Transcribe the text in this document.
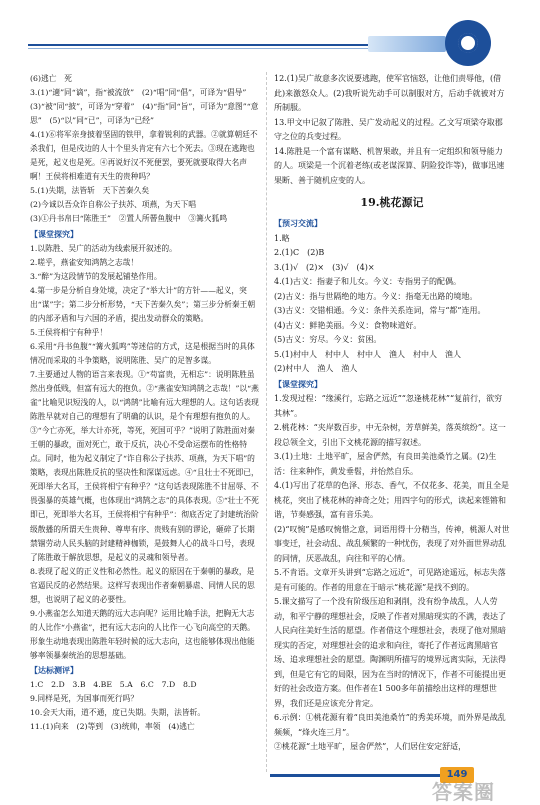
(6)逃亡　死

3.(1)“適”同“谪”，指“被流放”　(2)“唱”同“倡”，可译为“倡导”　(3)“被”同“披”，可译为“穿着”　(4)“指”同“旨”，可译为“意图”“意思”　(5)“以”同“已”，可译为“已经”

4.(1)⑥将军亲身披着坚固的铁甲，拿着锐利的武器。②就算朝廷不杀我们，但是戍边的人十个里头肯定有六七个死去。③现在逃跑也是死，起义也是死。④再说好汉不死便罢，要死就要取得大名声啊！王侯将相难道有天生的贵种吗？

5.(1)失期，法皆斩　天下苦秦久矣

(2)今诚以吾众诈自称公子扶苏、项燕，为天下唱

(3)①丹书帛曰“陈胜王”　②置人所罾鱼腹中　③篝火狐鸣

【 课堂探究 】

1.以陈胜、吴广的活动为线索展开叙述的。

2.嗟乎，燕雀安知鸿鹄之志哉！

3.“醉”为这段情节的发展起铺垫作用。

4.第一步是分析自身处境，决定了“举大计”的方针——起义，突出“谋”字；第二步分析形势，“天下苦秦久矣”；第三步分析秦王朝的内部矛盾和与六国的矛盾，提出发动群众的策略。

5.王侯将相宁有种乎！

6.采用“丹书鱼腹”“篝火狐鸣”等迷信的方式，这是根据当时的具体情况而采取的斗争策略，说明陈胜、吴广的足智多谋。

7.主要通过人物的语言来表现。①“苟富贵，无相忘”：说明陈胜虽然出身低贱，但富有远大的抱负。②“燕雀安知鸿鹄之志哉！”以“燕雀”比喻见识短浅的人，以“鸿鹄”比喻有远大理想的人。这句话表现陈胜早就对自己的理想有了明确的认识，是个有理想有抱负的人。③“今亡亦死，举大计亦死，等死，死国可乎？”说明了陈胜面对秦王朝的暴政，面对死亡，敢于反抗，决心不受命运摆布的性格特点。同时，他为起义制定了“诈自称公子扶苏、项燕，为天下唱”的策略，表现出陈胜反抗的坚决性和深谋远虑。④“且壮士不死即已，死即举大名耳，王侯将相宁有种乎？”这句话表现陈胜不甘屈辱、不畏强暴的英雄气概，也体现出“鸿鹄之志”的具体表现。⑤“壮士不死即已，死即举大名耳，王侯将相宁有种乎”：彻底否定了封建统治阶级散播的所谓天生贵种、尊卑有序、贵贱有别的谬论，砸碎了长期禁锢劳动人民头脑的封建精神枷锁，是鼓舞人心的战斗口号，表现了陈胜敢于解放思想，是起义的灵魂和领导者。

8.表现了起义的正义性和必然性。起义的原因在于秦朝的暴政，是官逼民反的必然结果。这样写表现出作者秦朝暴虐、同情人民的思想，也说明了起义的必要性。

9.小燕雀怎么知道天鹅的远大志向呢？运用比喻手法，把胸无大志的人比作“小燕雀”，把有远大志向的人比作一心飞向高空的天鹅。形象生动地表现出陈胜年轻时候的远大志向，这也能够体现出他能够率领暴秦统治的思想基础。

【 达标测评 】

1.C　2.D　3.B　4.BE　5.A　6.C　7.D　8.D

9.同样是死，为国事而死行吗？

10.会天大雨，道不通，度已失期。失期，法皆斩。

11.(1)向来　(2)等到　(3)统帅，率领　(4)逃亡

12.(1)吴广故意多次说要逃跑，使军官恼怒，让他们责辱他，(借此)来激怒众人。(2)我听说先动手可以制服对方，后动手就被对方所制服。

13.甲文中记叙了陈胜、吴广发动起义的过程。乙文写项梁夺取郡守之位的兵变过程。

14.陈胜是一个富有谋略、机智果敢，并且有一定组织和领导能力的人。项梁是一个沉着老练(或老谋深算、阴险狡诈等)，做事迅速果断、善于随机应变的人。

19.桃花源记

【 预习交流 】

1.略

2.(1)C　(2)B

3.(1)√　(2)×　(3)√　(4)×

4.(1)古义：指妻子和儿女。今义：专指男子的配偶。

(2)古义：指与世隔绝的地方。今义：指毫无出路的境地。

(3)古义：交错相通。今义：条件关系连词，常与“都”连用。

(4)古义：鲜艳美丽。今义：食物味道好。

(5)古义：穷尽。今义：贫困。

5.(1)村中人　村中人　村中人　渔人　村中人　渔人

(2)村中人　渔人　渔人

【 课堂探究 】

1.发现过程：“缘溪行，忘路之远近”“忽逢桃花林”“复前行，欲穷其林”。

2.桃花林：“夹岸数百步，中无杂树，芳草鲜美，落英缤纷”。这一段总领全文，引出下文桃花源的描写叙述。

3.(1)土地：土地平旷，屋舍俨然，有良田美池桑竹之属。(2)生活：往来种作，黄发垂髫，并怡然自乐。

4.(1)写出了花草的色泽、形态、香气，不仅花多、花美，而且全是桃花，突出了桃花林的神奇之处；用四字句的形式，读起来铿锵和谐，节奏感强，富有音乐美。

(2)“叹惋”是感叹惋惜之意，词语用得十分精当，传神，桃源人对世事变迁，社会动乱、战乱频繁的一种忧伤，表现了对外面世界动乱的同情，厌恶战乱，向往和平的心情。

5.不肯语。文章开头讲到“忘路之远近”，可见路途遥远，标志失落是有可能的。作者的用意在于暗示“桃花源”是找不到的。

5.课文描写了一个没有阶级压迫和剥削，没有纷争战乱，人人劳动，和平宁静的理想社会，反映了作者对黑暗现实的不满，表达了人民向往美好生活的愿望。作者借这个理想社会，表现了他对黑暗现实的否定，对理想社会的追求和向往，寄托了作者远离黑暗官场、追求理想社会的愿望。陶渊明所描写的境界远离实际，无法得到，但是它有它的局限，因为在当时的情况下，作者不可能提出更好的社会改造方案。但作者在1 500多年前描绘出这样的理想世界，我们还是应该充分肯定。

6.示例：①桃花源有着“良田美池桑竹”的秀美环境，而外界是战乱频频，“烽火连三月”。

②桃花源“土地平旷，屋舍俨然”，人们居住安定舒适，

149
答案圈
